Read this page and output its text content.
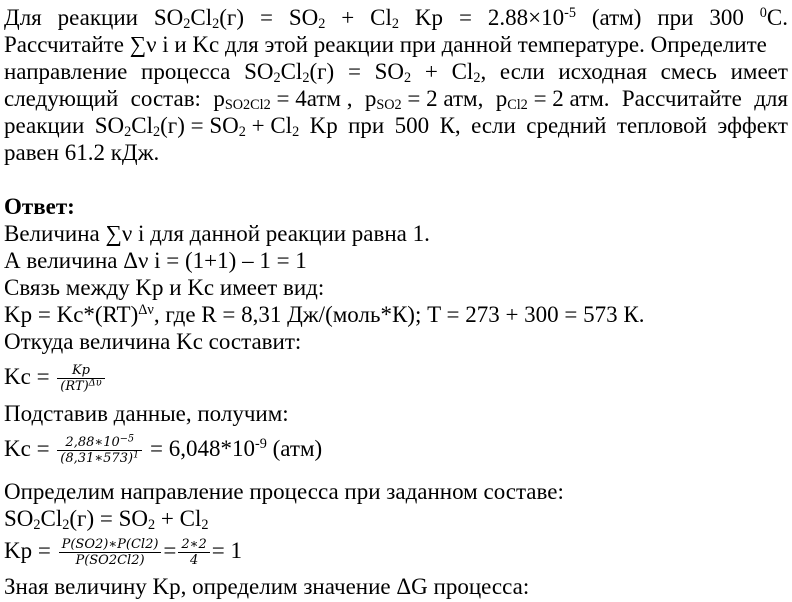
Для реакции $SO_2Cl_2(г) = SO_2 + Cl_2$ $Kp = 2.88\times 10^{-5}$ (атм) при 300 $^0$C.
Рассчитайте ∑ν i и Kc для этой реакции при данной температуре. Определите
направление процесса $SO_2Cl_2(г) = SO_2 + Cl_2$, если исходная смесь имеет
следующий состав: $p_{SO2Cl2} = 4атм$ , $p_{SO2} = 2$ атм, $p_{Cl2} = 2$ атм. Рассчитайте для
реакции $SO_2Cl_2(г) = SO_2 + Cl_2$ Kp при 500 К, если средний тепловой эффект
равен 61.2 кДж.
Ответ:
Величина ∑ν i для данной реакции равна 1.
А величина Δν i = (1+1) – 1 = 1
Связь между Kp и Kc имеет вид:
Kp = Kc*(RT)$^{\Delta\nu}$, где R = 8,31 Дж/(моль*К); T = 273 + 300 = 573 К.
Откуда величина Kc составит:
$Kc = \frac{Kp}{(RT)^{\Delta\upsilon}}$
Подставив данные, получим:
$Kc = \frac{2,88∗10^{-5}}{(8,31∗573)^1} = 6,048*10^{-9}$ (атм)
Определим направление процесса при заданном составе:
$SO_2Cl_2(г) = SO_2 + Cl_2$
$Kp = \frac{P(SO2)∗P(Cl2)}{P(SO2Cl2)} = \frac{2∗2}{4} = 1$
Зная величину Kp, определим значение ΔG процесса:
